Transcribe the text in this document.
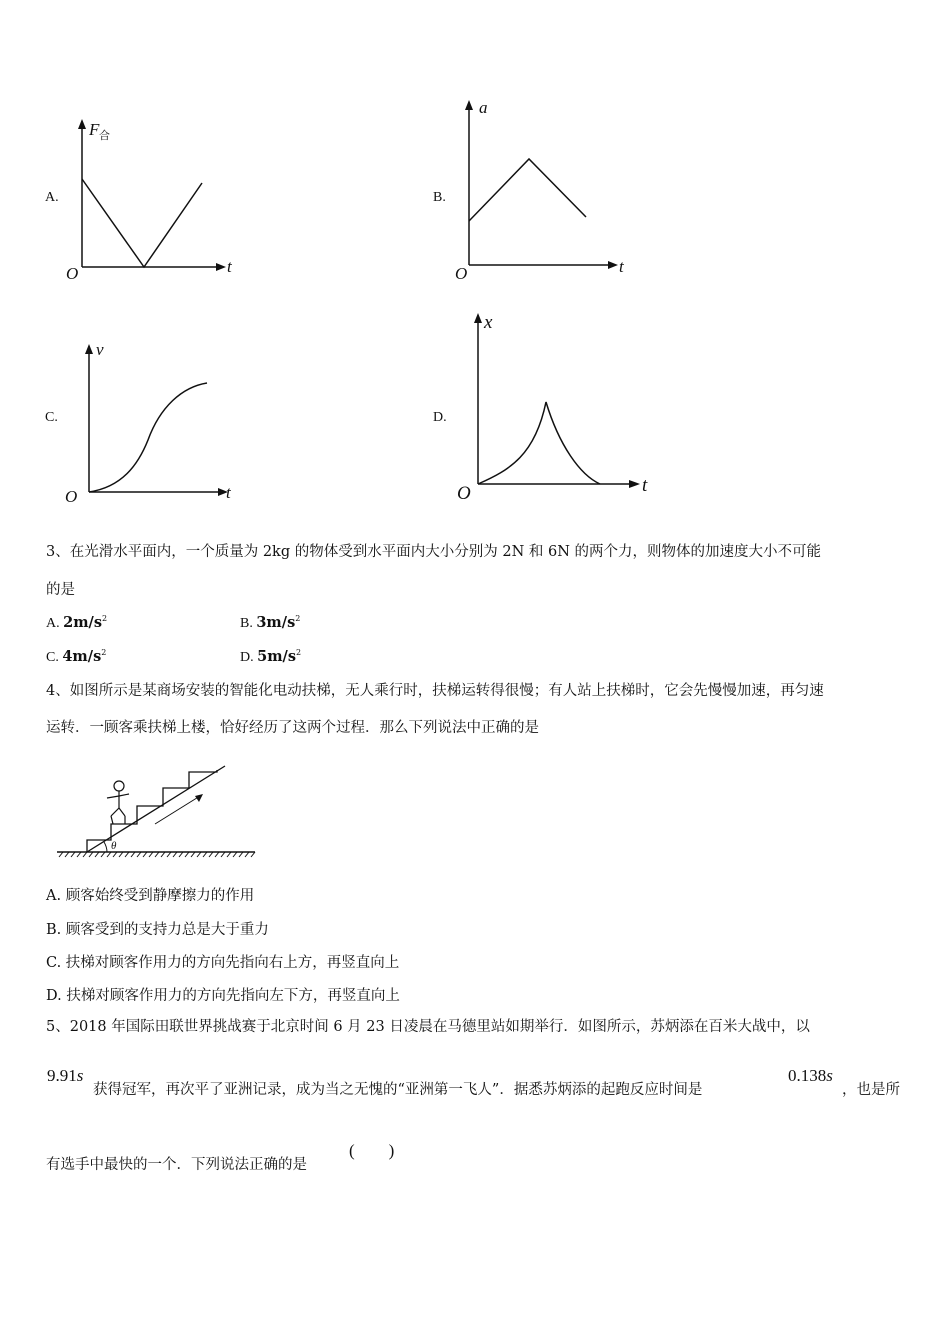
A.
F 合
t
O
B.
a
t
O
C.
v
t
O
D.
x
t
O
3、在光滑水平面内，一个质量为 2kg 的物体受到水平面内大小分别为 2N 和 6N 的两个力，则物体的加速度大小不可能
的是
A. $2m/s^2$	B. $3m/s^2$
C. $4m/s^2$	D. $5m/s^2$
4、如图所示是某商场安装的智能化电动扶梯，无人乘行时，扶梯运转得很慢；有人站上扶梯时，它会先慢慢加速，再匀速
运转．一顾客乘扶梯上楼，恰好经历了这两个过程．那么下列说法中正确的是
θ
A. 顾客始终受到静摩擦力的作用
B. 顾客受到的支持力总是大于重力
C. 扶梯对顾客作用力的方向先指向右上方，再竖直向上
D. 扶梯对顾客作用力的方向先指向左下方，再竖直向上
5、2018 年国际田联世界挑战赛于北京时间 6 月 23 日凌晨在马德里站如期举行．如图所示，苏炳添在百米大战中，以
9.91s
获得冠军，再次平了亚洲记录，成为当之无愧的“亚洲第一飞人”．据悉苏炳添的起跑反应时间是
0.138s
，也是所
有选手中最快的一个．下列说法正确的是
(        )
